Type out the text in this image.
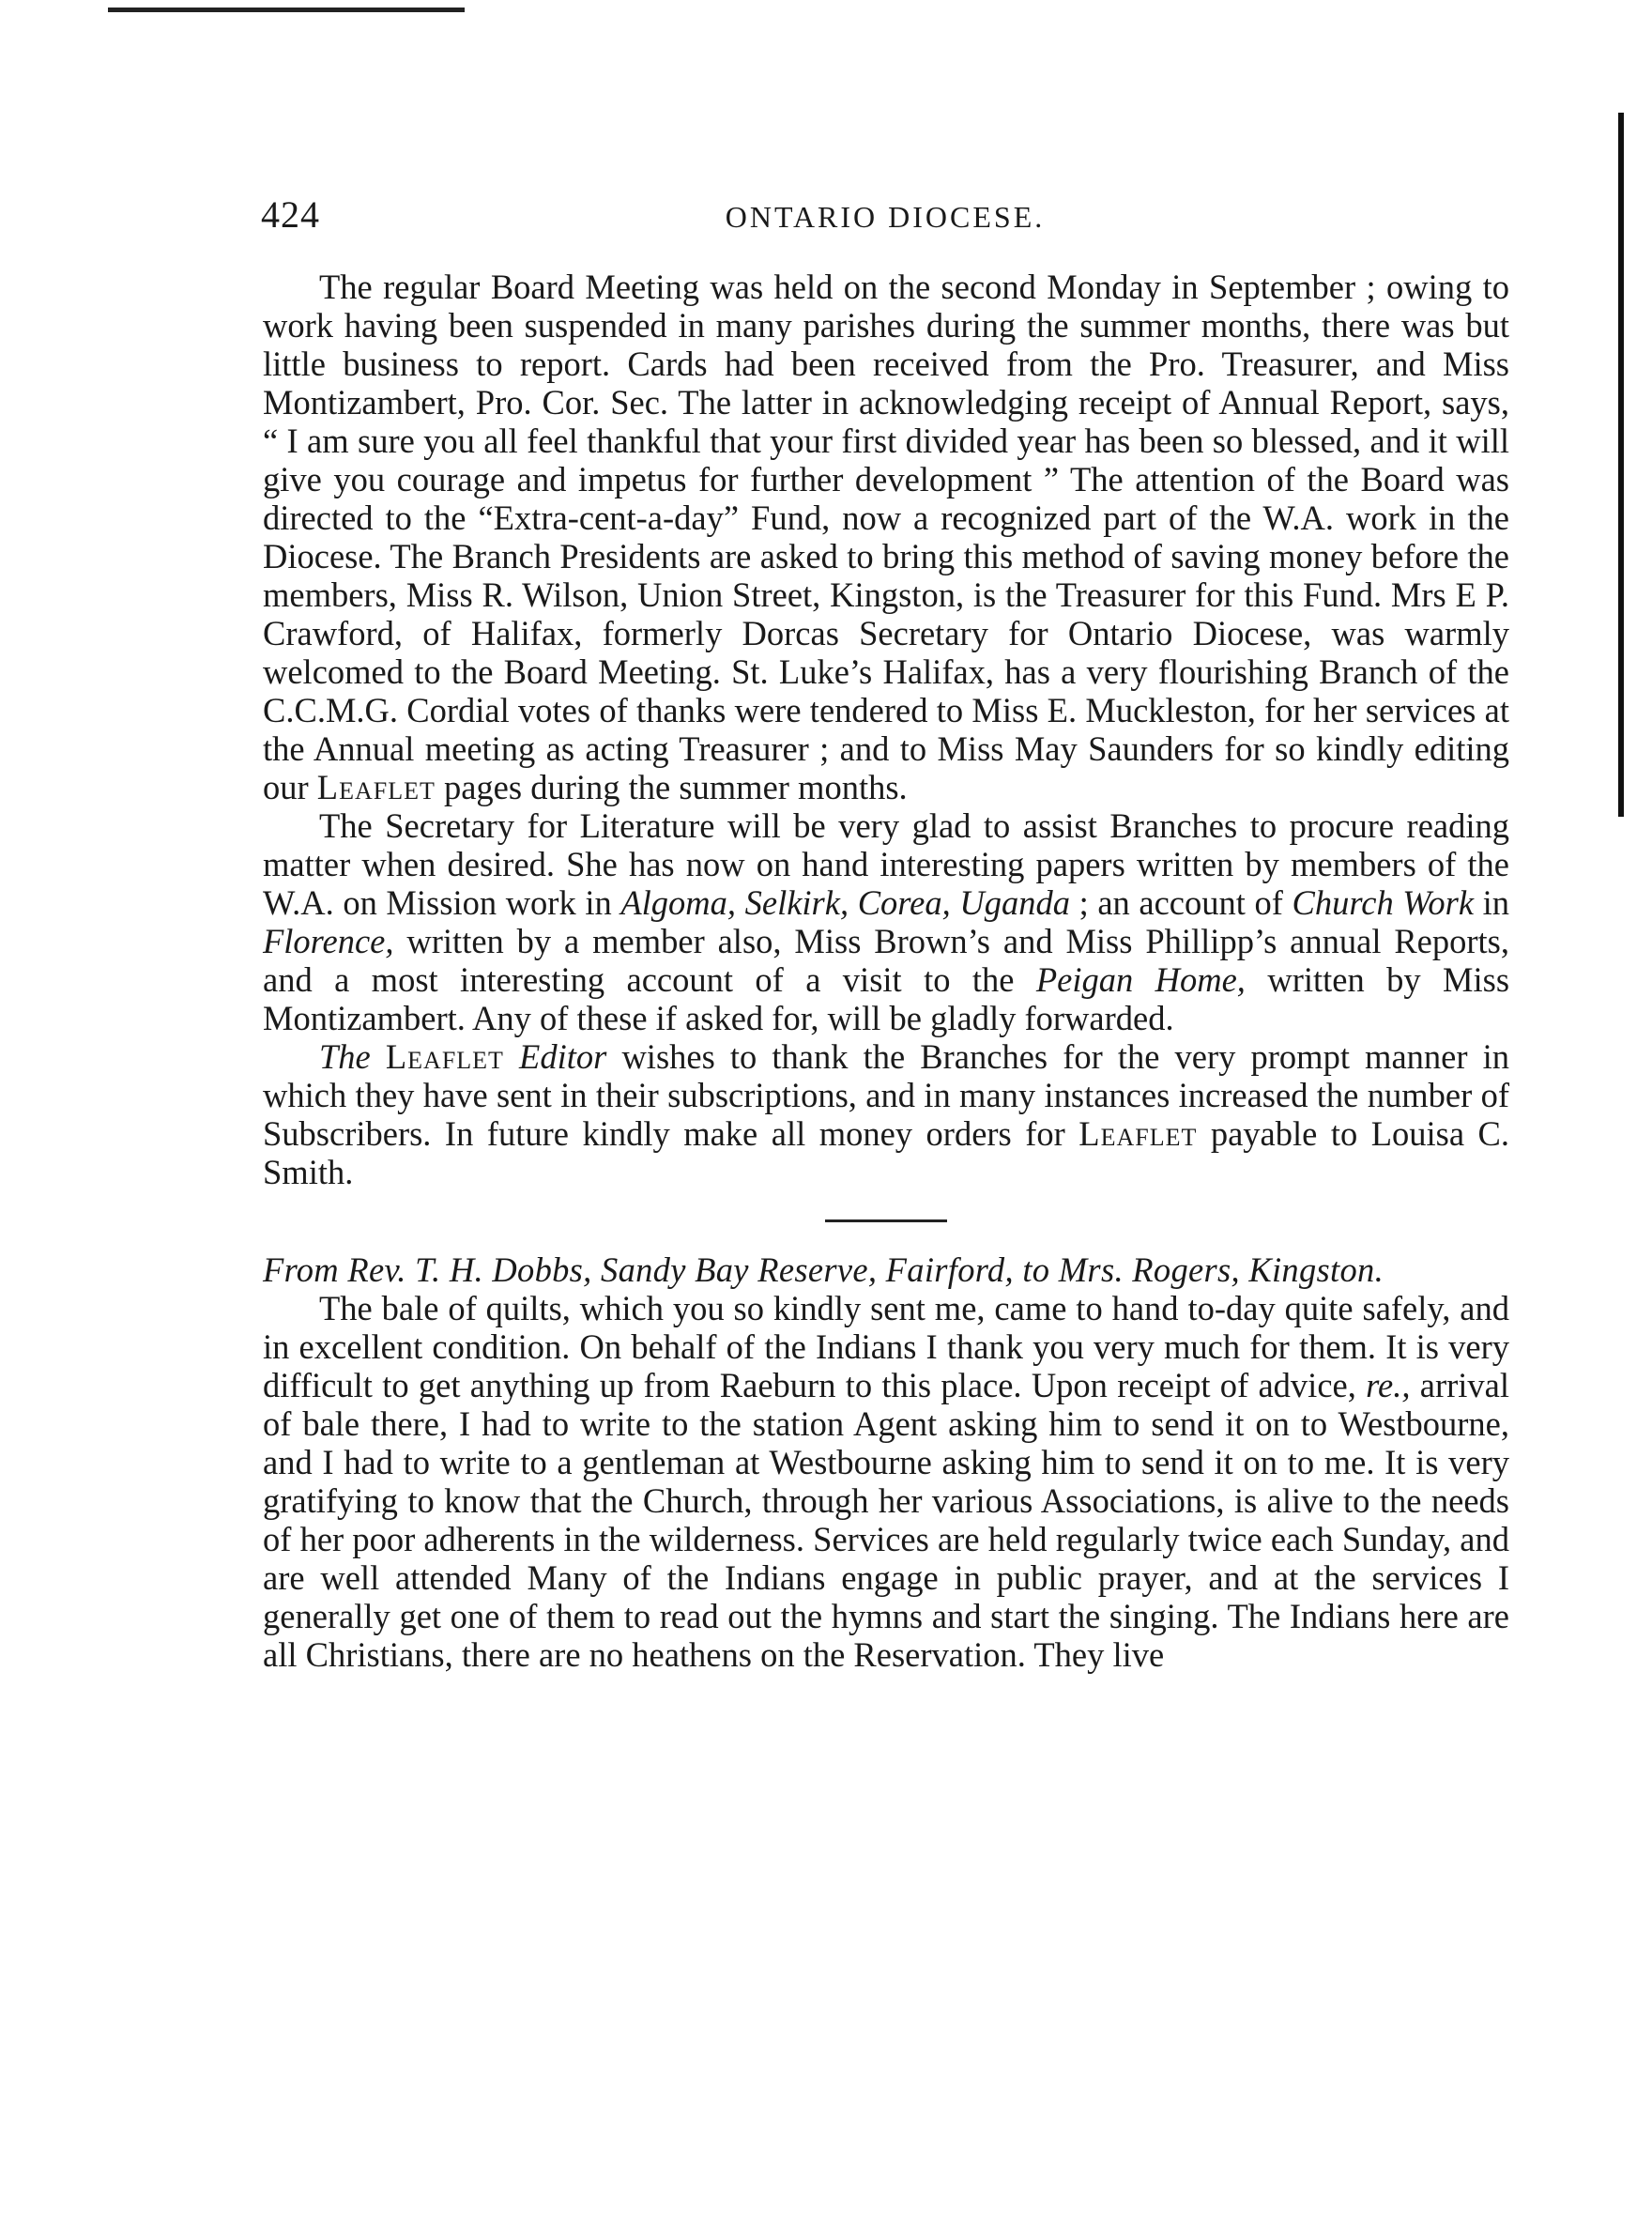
424	ONTARIO DIOCESE.

The regular Board Meeting was held on the second Monday in September ; owing to work having been suspended in many parishes during the summer months, there was but little business to report. Cards had been received from the Pro. Treasurer, and Miss Montizambert, Pro. Cor. Sec. The latter in acknowledging receipt of Annual Report, says, “ I am sure you all feel thankful that your first divided year has been so blessed, and it will give you courage and impetus for further development ” The attention of the Board was directed to the “Extra-cent-a-day” Fund, now a recognized part of the W.A. work in the Diocese. The Branch Presidents are asked to bring this method of saving money before the members, Miss R. Wilson, Union Street, Kingston, is the Treasurer for this Fund. Mrs E P. Crawford, of Halifax, formerly Dorcas Secretary for Ontario Diocese, was warmly welcomed to the Board Meeting. St. Luke’s Halifax, has a very flourishing Branch of the C.C.M.G. Cordial votes of thanks were tendered to Miss E. Muckleston, for her services at the Annual meeting as acting Treasurer ; and to Miss May Saunders for so kindly editing our Leaflet pages during the summer months.

The Secretary for Literature will be very glad to assist Branches to procure reading matter when desired. She has now on hand interesting papers written by members of the W.A. on Mission work in Algoma, Selkirk, Corea, Uganda ; an account of Church Work in Florence, written by a member also, Miss Brown’s and Miss Phillipp’s annual Reports, and a most interesting account of a visit to the Peigan Home, written by Miss Montizambert. Any of these if asked for, will be gladly forwarded.

The Leaflet Editor wishes to thank the Branches for the very prompt manner in which they have sent in their subscriptions, and in many instances increased the number of Subscribers. In future kindly make all money orders for Leaflet payable to Louisa C. Smith.

From Rev. T. H. Dobbs, Sandy Bay Reserve, Fairford, to Mrs. Rogers, Kingston.

The bale of quilts, which you so kindly sent me, came to hand to-day quite safely, and in excellent condition. On behalf of the Indians I thank you very much for them. It is very difficult to get anything up from Raeburn to this place. Upon receipt of advice, re., arrival of bale there, I had to write to the station Agent asking him to send it on to Westbourne, and I had to write to a gentleman at Westbourne asking him to send it on to me. It is very gratifying to know that the Church, through her various Associations, is alive to the needs of her poor adherents in the wilderness. Services are held regularly twice each Sunday, and are well attended Many of the Indians engage in public prayer, and at the services I generally get one of them to read out the hymns and start the singing. The Indians here are all Christians, there are no heathens on the Reservation. They live
